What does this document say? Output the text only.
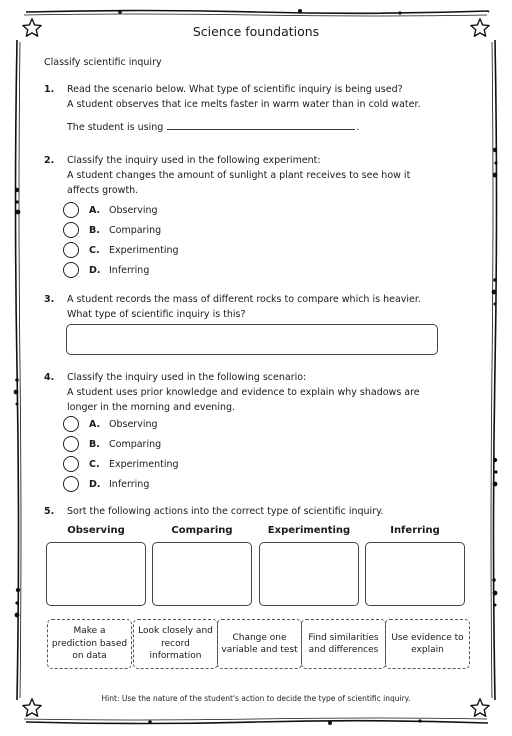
Science foundations
Classify scientific inquiry
1. Read the scenario below. What type of scientific inquiry is being used?
A student observes that ice melts faster in warm water than in cold water.
The student is using	.
2. Classify the inquiry used in the following experiment:
A student changes the amount of sunlight a plant receives to see how it
affects growth.
A. Observing
B. Comparing
C. Experimenting
D. Inferring
3. A student records the mass of different rocks to compare which is heavier.
What type of scientific inquiry is this?
4. Classify the inquiry used in the following scenario:
A student uses prior knowledge and evidence to explain why shadows are
longer in the morning and evening.
A. Observing
B. Comparing
C. Experimenting
D. Inferring
5. Sort the following actions into the correct type of scientific inquiry.
Observing	Comparing	Experimenting	Inferring
Make a prediction based on data
Look closely and record information
Change one variable and test
Find similarities and differences
Use evidence to explain
Hint: Use the nature of the student's action to decide the type of scientific inquiry.
